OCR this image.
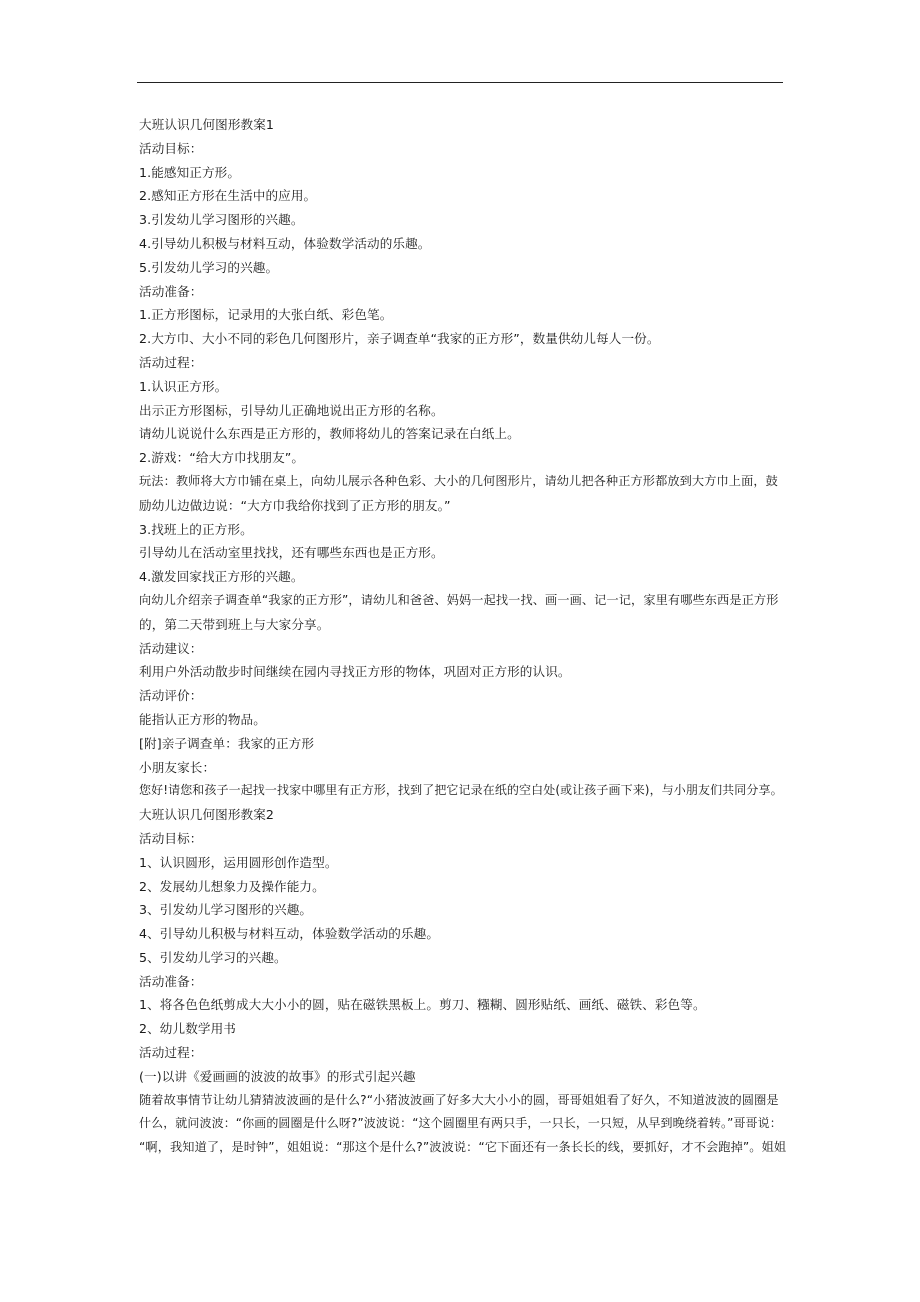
大班认识几何图形教案1
活动目标：
1.能感知正方形。
2.感知正方形在生活中的应用。
3.引发幼儿学习图形的兴趣。
4.引导幼儿积极与材料互动，体验数学活动的乐趣。
5.引发幼儿学习的兴趣。
活动准备：
1.正方形图标，记录用的大张白纸、彩色笔。
2.大方巾、大小不同的彩色几何图形片，亲子调查单“我家的正方形”，数量供幼儿每人一份。
活动过程：
1.认识正方形。
出示正方形图标，引导幼儿正确地说出正方形的名称。
请幼儿说说什么东西是正方形的，教师将幼儿的答案记录在白纸上。
2.游戏：“给大方巾找朋友”。
玩法：教师将大方巾铺在桌上，向幼儿展示各种色彩、大小的几何图形片，请幼儿把各种正方形都放到大方巾上面，鼓
励幼儿边做边说：“大方巾我给你找到了正方形的朋友。”
3.找班上的正方形。
引导幼儿在活动室里找找，还有哪些东西也是正方形。
4.激发回家找正方形的兴趣。
向幼儿介绍亲子调查单“我家的正方形”，请幼儿和爸爸、妈妈一起找一找、画一画、记一记，家里有哪些东西是正方形
的，第二天带到班上与大家分享。
活动建议：
利用户外活动散步时间继续在园内寻找正方形的物体，巩固对正方形的认识。
活动评价：
能指认正方形的物品。
[附]亲子调查单：我家的正方形
小朋友家长：
您好!请您和孩子一起找一找家中哪里有正方形，找到了把它记录在纸的空白处(或让孩子画下来)，与小朋友们共同分享。
大班认识几何图形教案2
活动目标：
1、认识圆形，运用圆形创作造型。
2、发展幼儿想象力及操作能力。
3、引发幼儿学习图形的兴趣。
4、引导幼儿积极与材料互动，体验数学活动的乐趣。
5、引发幼儿学习的兴趣。
活动准备：
1、将各色色纸剪成大大小小的圆，贴在磁铁黑板上。剪刀、糨糊、圆形贴纸、画纸、磁铁、彩色等。
2、幼儿数学用书
活动过程：
(一)以讲《爱画画的波波的故事》的形式引起兴趣
随着故事情节让幼儿猜猜波波画的是什么?“小猪波波画了好多大大小小的圆，哥哥姐姐看了好久，不知道波波的圆圈是
什么，就问波波：“你画的圆圈是什么呀?”波波说：“这个圆圈里有两只手，一只长，一只短，从早到晚绕着转。”哥哥说：
“啊，我知道了，是时钟”，姐姐说：“那这个是什么?”波波说：“它下面还有一条长长的线，要抓好，才不会跑掉”。姐姐
